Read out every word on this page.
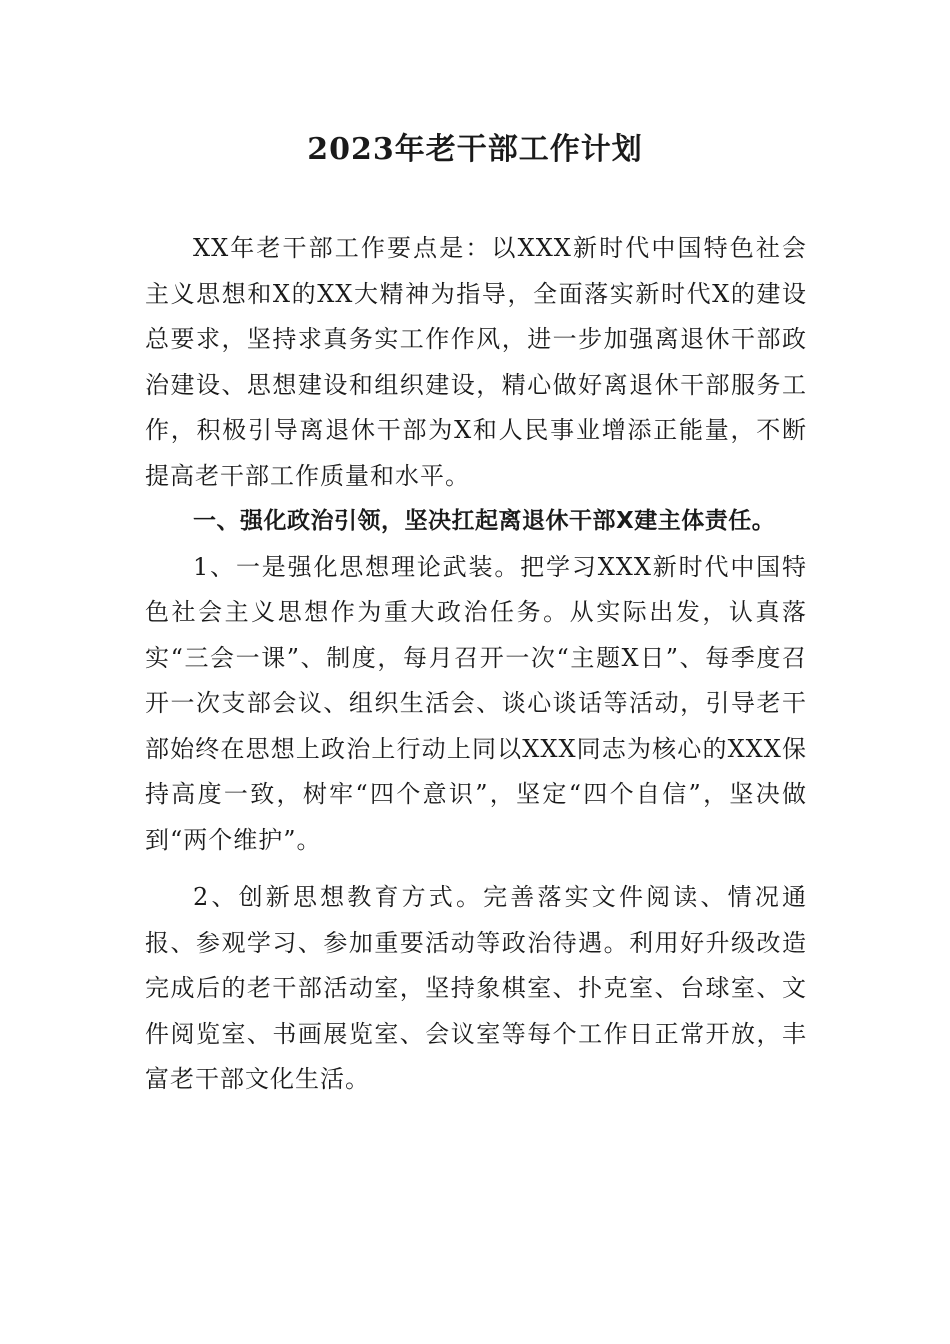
2023年老干部工作计划

XX年老干部工作要点是：以XXX新时代中国特色社会主义思想和X的XX大精神为指导，全面落实新时代X的建设总要求，坚持求真务实工作作风，进一步加强离退休干部政治建设、思想建设和组织建设，精心做好离退休干部服务工作，积极引导离退休干部为X和人民事业增添正能量，不断提高老干部工作质量和水平。

一、强化政治引领，坚决扛起离退休干部X建主体责任。

1、一是强化思想理论武装。把学习XXX新时代中国特色社会主义思想作为重大政治任务。从实际出发，认真落实“三会一课”、制度，每月召开一次“主题X日”、每季度召开一次支部会议、组织生活会、谈心谈话等活动，引导老干部始终在思想上政治上行动上同以XXX同志为核心的XXX保持高度一致，树牢“四个意识”，坚定“四个自信”，坚决做到“两个维护”。

2、创新思想教育方式。完善落实文件阅读、情况通报、参观学习、参加重要活动等政治待遇。利用好升级改造完成后的老干部活动室，坚持象棋室、扑克室、台球室、文件阅览室、书画展览室、会议室等每个工作日正常开放，丰富老干部文化生活。
